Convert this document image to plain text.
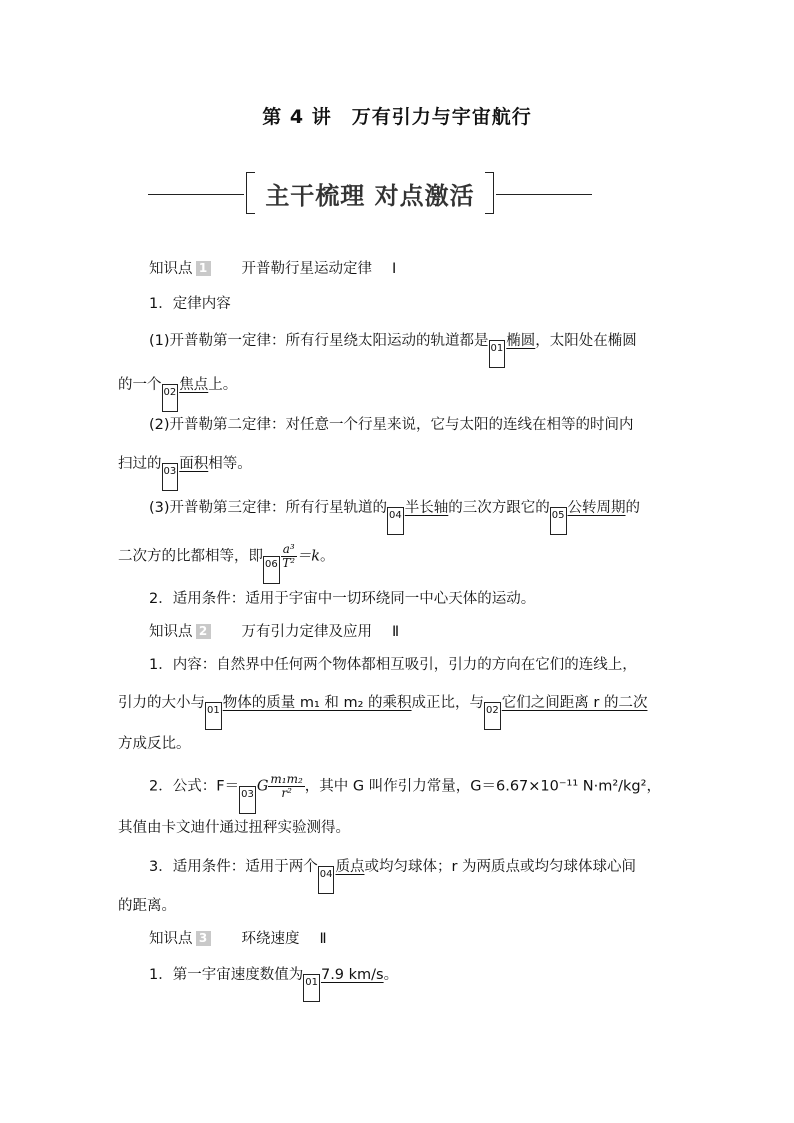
第 4 讲　万有引力与宇宙航行
主干梳理 对点激活
知识点 1 开普勒行星运动定律 Ⅰ
1．定律内容
(1)开普勒第一定律：所有行星绕太阳运动的轨道都是 01 椭圆，太阳处在椭圆
的一个 02 焦点上。
(2)开普勒第二定律：对任意一个行星来说，它与太阳的连线在相等的时间内
扫过的 03 面积相等。
(3)开普勒第三定律：所有行星轨道的 04 半长轴的三次方跟它的 05 公转周期的
二次方的比都相等，即 $06 \frac{\text{a³}}{\text{T²}} =k$。
2．适用条件：适用于宇宙中一切环绕同一中心天体的运动。
知识点 2 万有引力定律及应用 Ⅱ
1．内容：自然界中任何两个物体都相互吸引，引力的方向在它们的连线上，
引力的大小与 01 物体的质量 m₁ 和 m₂ 的乘积成正比，与 02 它们之间距离 r 的二次
方成反比。
2．公式：F＝ 03 G $\frac{\text{m₁m₂}}{\text{r²}}$ ，其中 G 叫作引力常量，G＝6.67×10⁻¹¹ N·m²/kg²，
其值由卡文迪什通过扭秤实验测得。
3．适用条件：适用于两个 04 质点或均匀球体；r 为两质点或均匀球体球心间
的距离。
知识点 3 环绕速度 Ⅱ
1．第一宇宙速度数值为 01 7.9 km/s。
